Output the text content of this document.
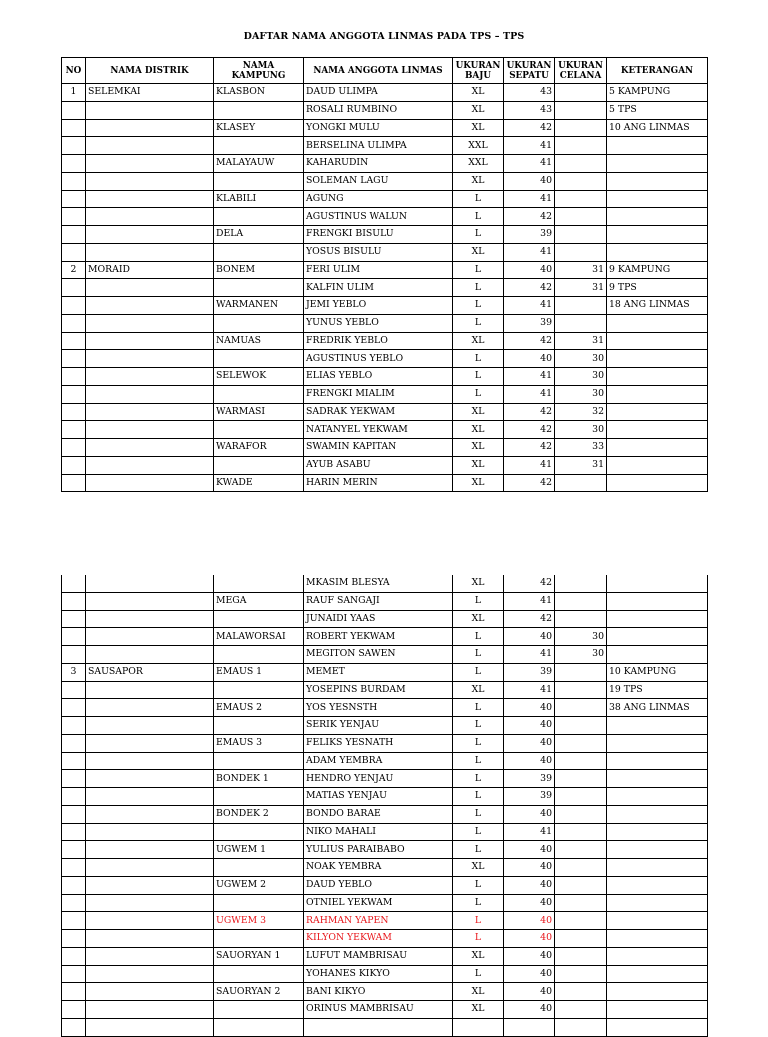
DAFTAR NAMA ANGGOTA LINMAS PADA TPS – TPS
NO	NAMA DISTRIK	NAMA KAMPUNG	NAMA ANGGOTA LINMAS	UKURAN BAJU	UKURAN SEPATU	UKURAN CELANA	KETERANGAN
1	SELEMKAI	KLASBON	DAUD ULIMPA	XL	43		5 KAMPUNG
			ROSALI RUMBINO	XL	43		5 TPS
		KLASEY	YONGKI MULU	XL	42		10 ANG LINMAS
			BERSELINA ULIMPA	XXL	41		
		MALAYAUW	KAHARUDIN	XXL	41		
			SOLEMAN LAGU	XL	40		
		KLABILI	AGUNG	L	41		
			AGUSTINUS WALUN	L	42		
		DELA	FRENGKI BISULU	L	39		
			YOSUS BISULU	XL	41		
2	MORAID	BONEM	FERI ULIM	L	40	31	9 KAMPUNG
			KALFIN ULIM	L	42	31	9 TPS
		WARMANEN	JEMI YEBLO	L	41		18 ANG LINMAS
			YUNUS YEBLO	L	39		
		NAMUAS	FREDRIK YEBLO	XL	42	31	
			AGUSTINUS YEBLO	L	40	30	
		SELEWOK	ELIAS YEBLO	L	41	30	
			FRENGKI MIALIM	L	41	30	
		WARMASI	SADRAK YEKWAM	XL	42	32	
			NATANYEL YEKWAM	XL	42	30	
		WARAFOR	SWAMIN KAPITAN	XL	42	33	
			AYUB ASABU	XL	41	31	
		KWADE	HARIN MERIN	XL	42		
			MKASIM BLESYA	XL	42		
		MEGA	RAUF SANGAJI	L	41		
			JUNAIDI YAAS	XL	42		
		MALAWORSAI	ROBERT YEKWAM	L	40	30	
			MEGITON SAWEN	L	41	30	
3	SAUSAPOR	EMAUS 1	MEMET	L	39		10 KAMPUNG
			YOSEPINS BURDAM	XL	41		19 TPS
		EMAUS 2	YOS YESNSTH	L	40		38 ANG LINMAS
			SERIK YENJAU	L	40		
		EMAUS 3	FELIKS YESNATH	L	40		
			ADAM YEMBRA	L	40		
		BONDEK 1	HENDRO YENJAU	L	39		
			MATIAS YENJAU	L	39		
		BONDEK 2	BONDO BARAE	L	40		
			NIKO MAHALI	L	41		
		UGWEM 1	YULIUS PARAIBABO	L	40		
			NOAK YEMBRA	XL	40		
		UGWEM 2	DAUD YEBLO	L	40		
			OTNIEL YEKWAM	L	40		
		UGWEM 3	RAHMAN YAPEN	L	40		
			KILYON YEKWAM	L	40		
		SAUORYAN 1	LUFUT MAMBRISAU	XL	40		
			YOHANES KIKYO	L	40		
		SAUORYAN 2	BANI KIKYO	XL	40		
			ORINUS MAMBRISAU	XL	40		
